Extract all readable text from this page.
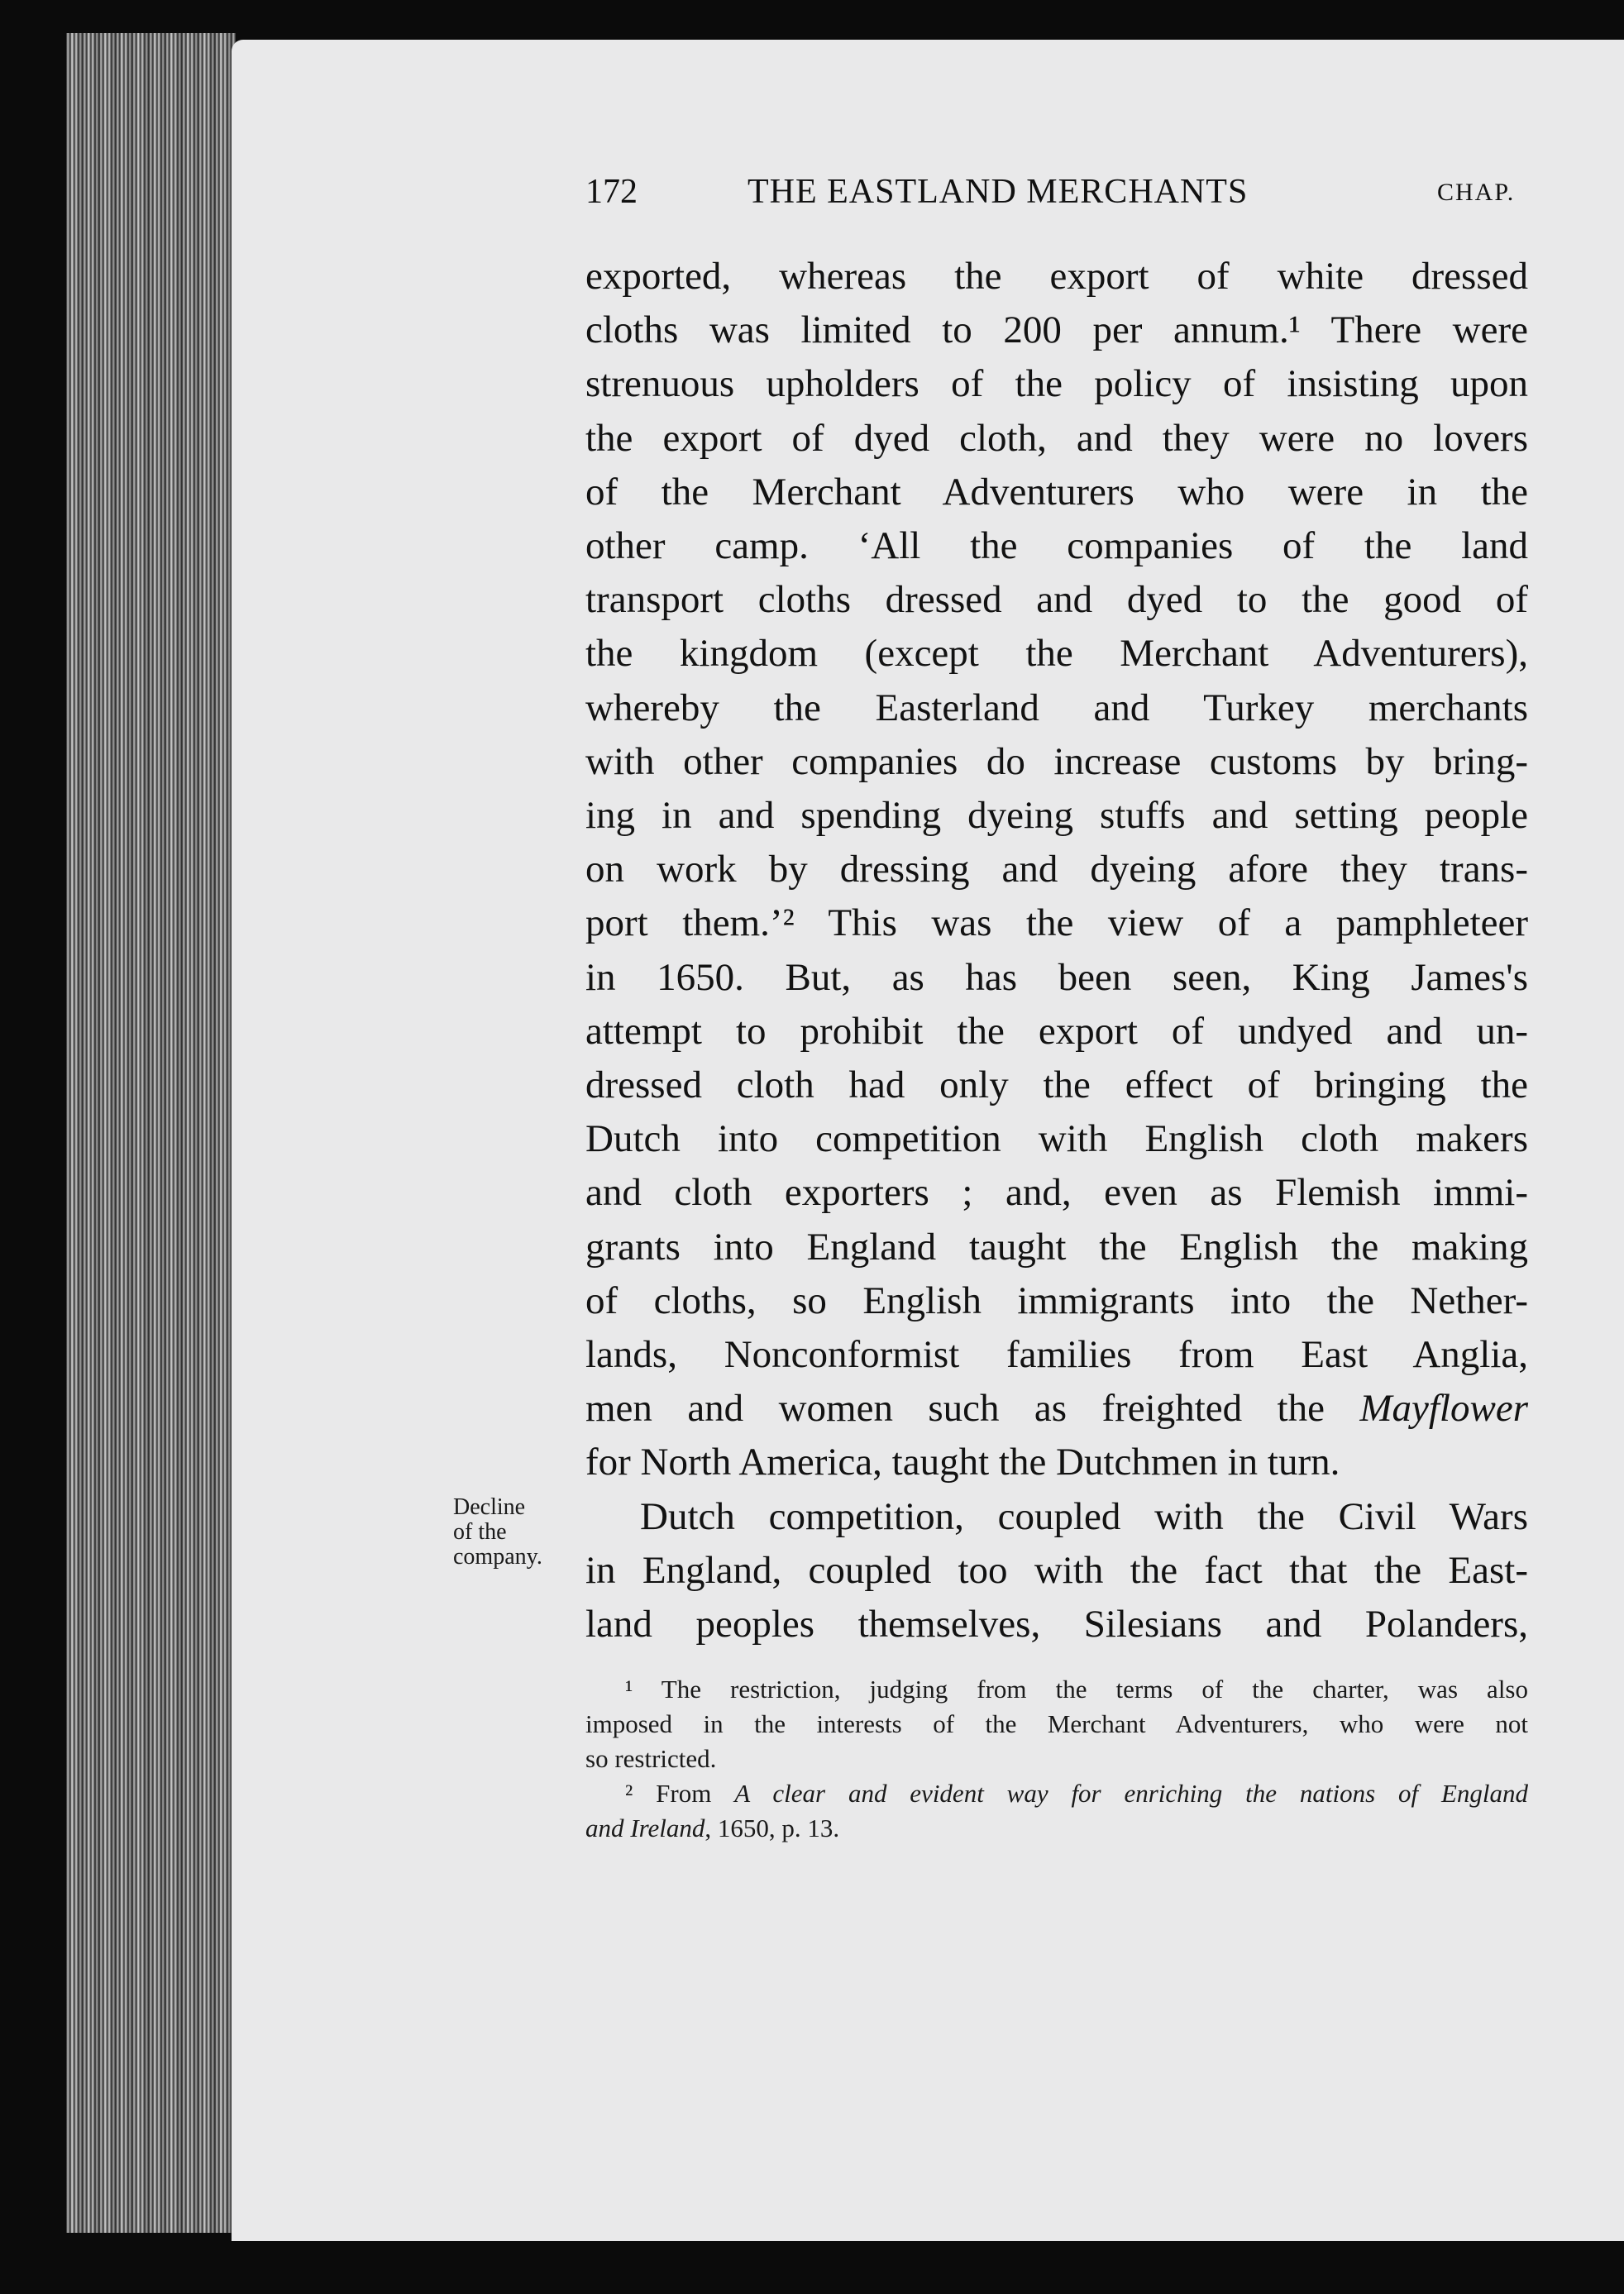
172	THE EASTLAND MERCHANTS	CHAP.
exported, whereas the export of white dressed
cloths was limited to 200 per annum.¹ There were
strenuous upholders of the policy of insisting upon
the export of dyed cloth, and they were no lovers
of the Merchant Adventurers who were in the
other camp. ‘All the companies of the land
transport cloths dressed and dyed to the good of
the kingdom (except the Merchant Adventurers),
whereby the Easterland and Turkey merchants
with other companies do increase customs by bring-
ing in and spending dyeing stuffs and setting people
on work by dressing and dyeing afore they trans-
port them.’² This was the view of a pamphleteer
in 1650. But, as has been seen, King James's
attempt to prohibit the export of undyed and un-
dressed cloth had only the effect of bringing the
Dutch into competition with English cloth makers
and cloth exporters ; and, even as Flemish immi-
grants into England taught the English the making
of cloths, so English immigrants into the Nether-
lands, Nonconformist families from East Anglia,
men and women such as freighted the Mayflower
for North America, taught the Dutchmen in turn.
Dutch competition, coupled with the Civil Wars
in England, coupled too with the fact that the East-
land peoples themselves, Silesians and Polanders,
Decline
of the
company.
¹ The restriction, judging from the terms of the charter, was also
imposed in the interests of the Merchant Adventurers, who were not
so restricted.
² From A clear and evident way for enriching the nations of England
and Ireland, 1650, p. 13.
